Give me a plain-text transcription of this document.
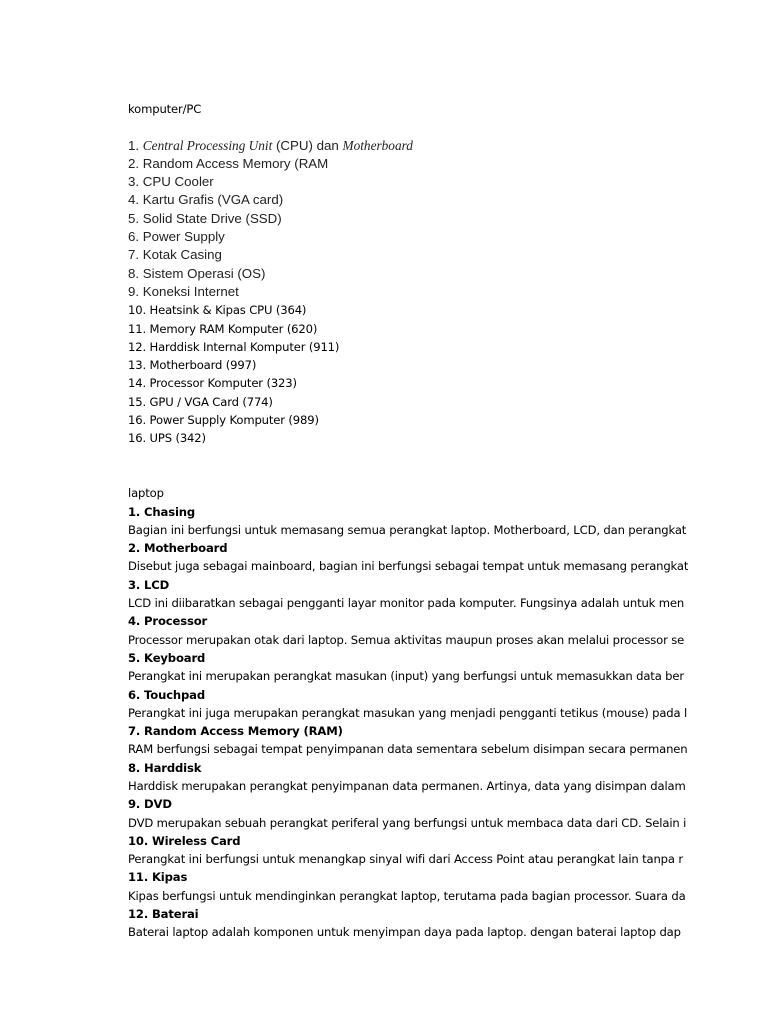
komputer/PC
1. Central Processing Unit (CPU) dan Motherboard
2. Random Access Memory (RAM
3. CPU Cooler
4. Kartu Grafis (VGA card)
5. Solid State Drive (SSD)
6. Power Supply
7. Kotak Casing
8. Sistem Operasi (OS)
9. Koneksi Internet
10. Heatsink & Kipas CPU (364)
11. Memory RAM Komputer (620)
12. Harddisk Internal Komputer (911)
13. Motherboard (997)
14. Processor Komputer (323)
15. GPU / VGA Card (774)
16. Power Supply Komputer (989)
16. UPS (342)
laptop
1. Chasing
Bagian ini berfungsi untuk memasang semua perangkat laptop. Motherboard, LCD, dan perangkat
2. Motherboard
Disebut juga sebagai mainboard, bagian ini berfungsi sebagai tempat untuk memasang perangkat
3. LCD
LCD ini diibaratkan sebagai pengganti layar monitor pada komputer. Fungsinya adalah untuk men
4. Processor
Processor merupakan otak dari laptop. Semua aktivitas maupun proses akan melalui processor se
5. Keyboard
Perangkat ini merupakan perangkat masukan (input) yang berfungsi untuk memasukkan data ber
6. Touchpad
Perangkat ini juga merupakan perangkat masukan yang menjadi pengganti tetikus (mouse) pada l
7. Random Access Memory (RAM)
RAM berfungsi sebagai tempat penyimpanan data sementara sebelum disimpan secara permanen
8. Harddisk
Harddisk merupakan perangkat penyimpanan data permanen. Artinya, data yang disimpan dalam
9. DVD
DVD merupakan sebuah perangkat periferal yang berfungsi untuk membaca data dari CD. Selain i
10. Wireless Card
Perangkat ini berfungsi untuk menangkap sinyal wifi dari Access Point atau perangkat lain tanpa r
11. Kipas
Kipas berfungsi untuk mendinginkan perangkat laptop, terutama pada bagian processor. Suara da
12. Baterai
Baterai laptop adalah komponen untuk menyimpan daya pada laptop. dengan baterai laptop dap
